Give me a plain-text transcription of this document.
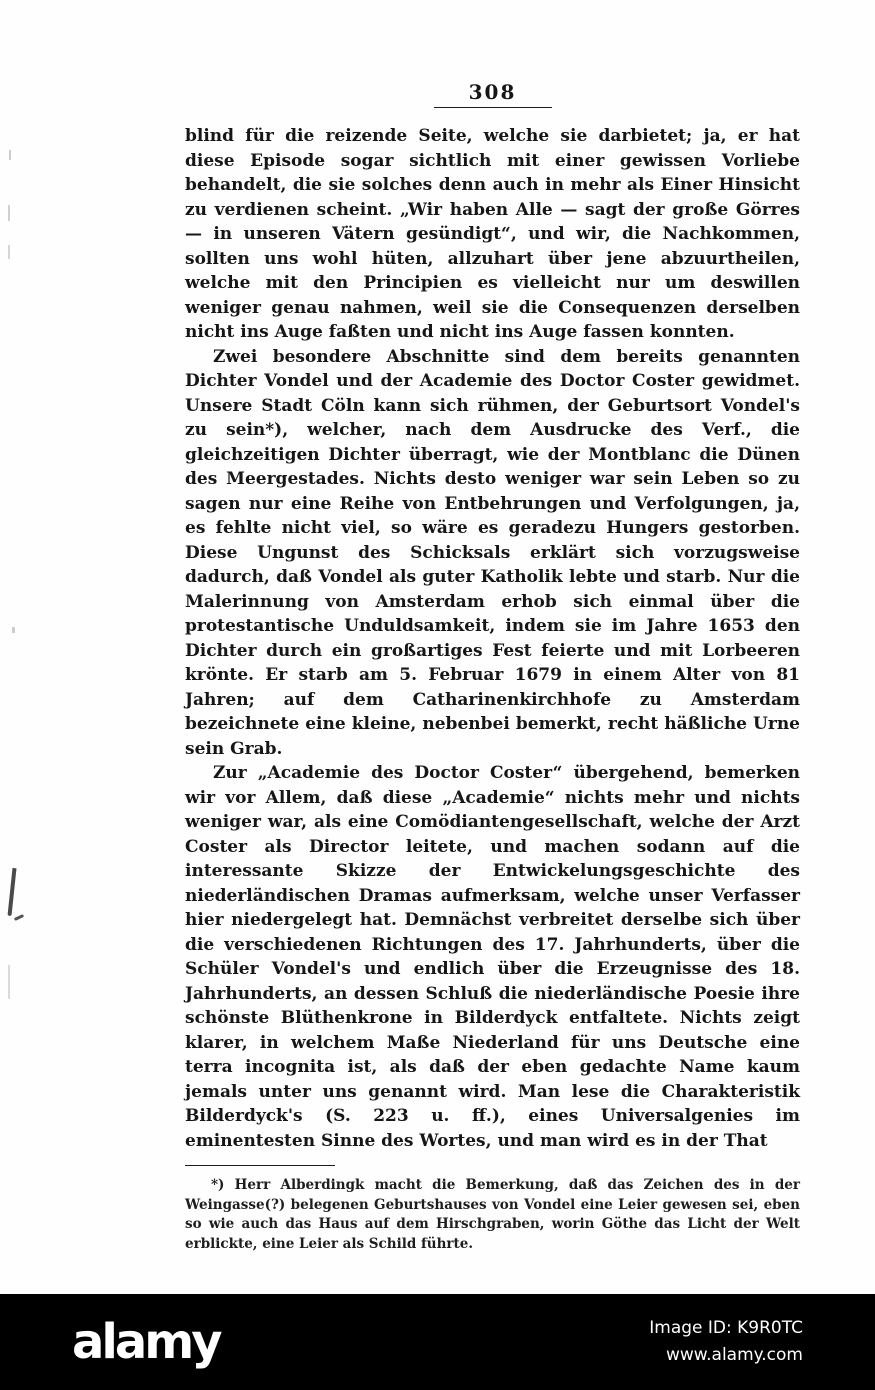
308

blind für die reizende Seite, welche sie darbietet; ja, er hat diese Episode sogar sichtlich mit einer gewissen Vorliebe behandelt, die sie solches denn auch in mehr als Einer Hinsicht zu verdienen scheint. „Wir haben Alle — sagt der große Görres — in unseren Vätern gesündigt“, und wir, die Nachkommen, sollten uns wohl hüten, allzuhart über jene abzuurtheilen, welche mit den Principien es vielleicht nur um deswillen weniger genau nahmen, weil sie die Consequenzen derselben nicht ins Auge faßten und nicht ins Auge fassen konnten.

Zwei besondere Abschnitte sind dem bereits genannten Dichter Vondel und der Academie des Doctor Coster gewidmet. Unsere Stadt Cöln kann sich rühmen, der Geburtsort Vondel's zu sein*), welcher, nach dem Ausdrucke des Verf., die gleichzeitigen Dichter überragt, wie der Montblanc die Dünen des Meergestades. Nichts desto weniger war sein Leben so zu sagen nur eine Reihe von Entbehrungen und Verfolgungen, ja, es fehlte nicht viel, so wäre es geradezu Hungers gestorben. Diese Ungunst des Schicksals erklärt sich vorzugsweise dadurch, daß Vondel als guter Katholik lebte und starb. Nur die Malerinnung von Amsterdam erhob sich einmal über die protestantische Unduldsamkeit, indem sie im Jahre 1653 den Dichter durch ein großartiges Fest feierte und mit Lorbeeren krönte. Er starb am 5. Februar 1679 in einem Alter von 81 Jahren; auf dem Catharinenkirchhofe zu Amsterdam bezeichnete eine kleine, nebenbei bemerkt, recht häßliche Urne sein Grab.

Zur „Academie des Doctor Coster“ übergehend, bemerken wir vor Allem, daß diese „Academie“ nichts mehr und nichts weniger war, als eine Comödiantengesellschaft, welche der Arzt Coster als Director leitete, und machen sodann auf die interessante Skizze der Entwickelungsgeschichte des niederländischen Dramas aufmerksam, welche unser Verfasser hier niedergelegt hat. Demnächst verbreitet derselbe sich über die verschiedenen Richtungen des 17. Jahrhunderts, über die Schüler Vondel's und endlich über die Erzeugnisse des 18. Jahrhunderts, an dessen Schluß die niederländische Poesie ihre schönste Blüthenkrone in Bilderdyck entfaltete. Nichts zeigt klarer, in welchem Maße Niederland für uns Deutsche eine terra incognita ist, als daß der eben gedachte Name kaum jemals unter uns genannt wird. Man lese die Charakteristik Bilderdyck's (S. 223 u. ff.), eines Universalgenies im eminentesten Sinne des Wortes, und man wird es in der That

*) Herr Alberdingk macht die Bemerkung, daß das Zeichen des in der Weingasse(?) belegenen Geburtshauses von Vondel eine Leier gewesen sei, eben so wie auch das Haus auf dem Hirschgraben, worin Göthe das Licht der Welt erblickte, eine Leier als Schild führte.

alamy	Image ID: K9R0TC
www.alamy.com
